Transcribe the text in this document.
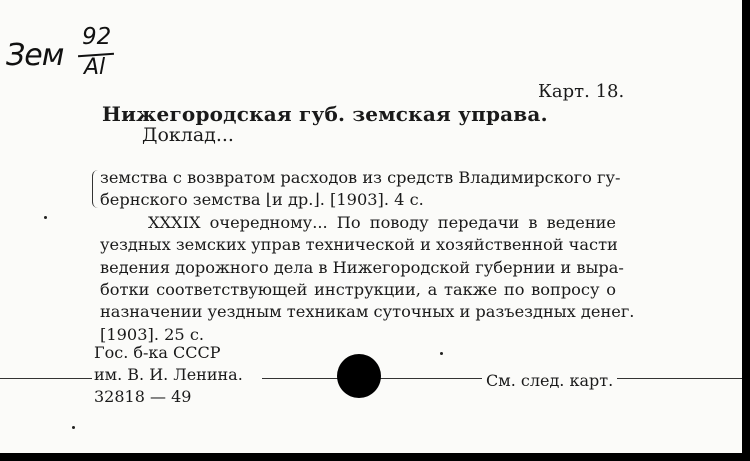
Зем
92
Al
Карт. 18.
Нижегородская губ. земская управа.
Доклад...
земства с возвратом расходов из средств Владимирского гу-
бернского земства ⌊и др.⌋. [1903]. 4 с.
XXXIX очередному... По поводу передачи в ведение
уездных земских управ технической и хозяйственной части
ведения дорожного дела в Нижегородской губернии и выра-
ботки соответствующей инструкции, а также по вопросу о
назначении уездным техникам суточных и разъездных денег.
[1903]. 25 с.
Гос. б-ка СССР
им. В. И. Ленина.
32818 — 49
См. след. карт.
